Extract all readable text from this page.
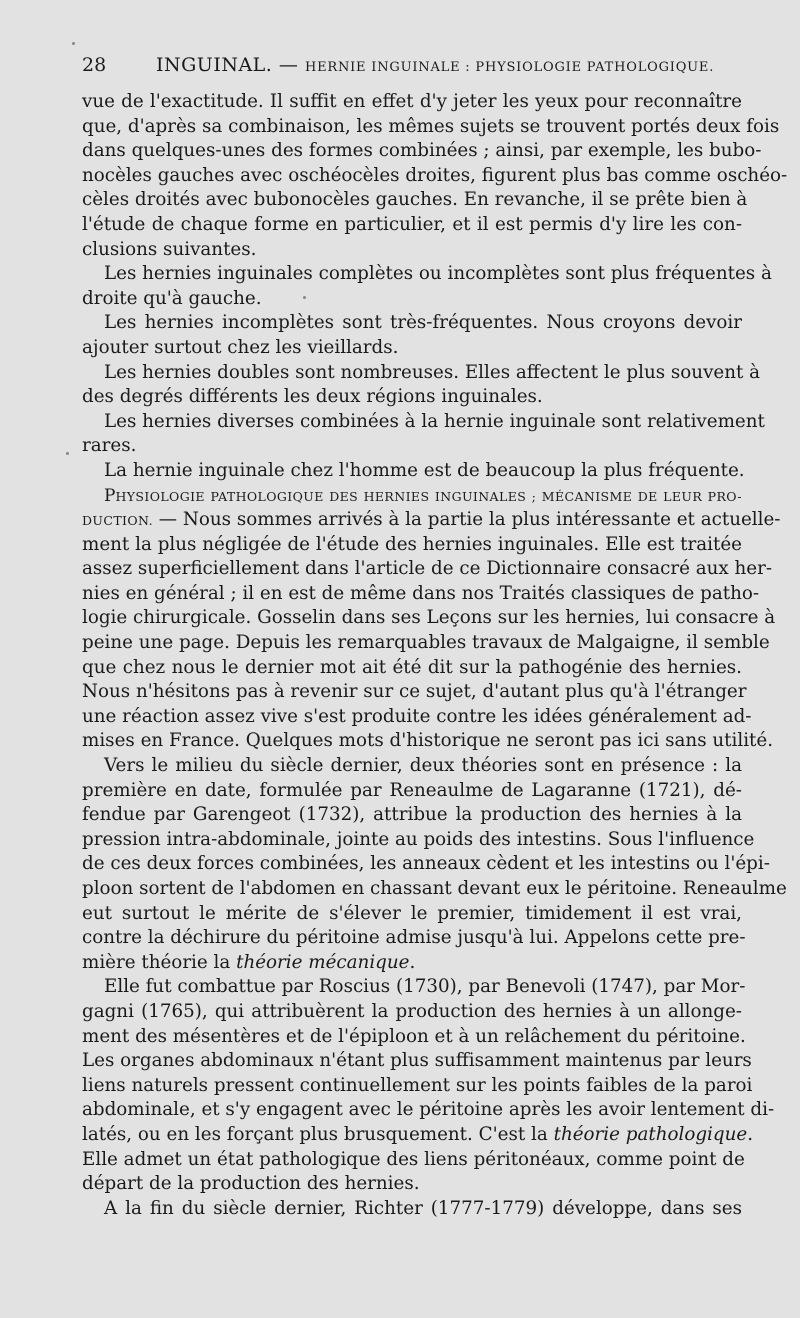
28	INGUINAL. — HERNIE INGUINALE : PHYSIOLOGIE PATHOLOGIQUE.
vue de l'exactitude. Il suffit en effet d'y jeter les yeux pour reconnaître
que, d'après sa combinaison, les mêmes sujets se trouvent portés deux fois
dans quelques-unes des formes combinées ; ainsi, par exemple, les bubo-
nocèles gauches avec oschéocèles droites, figurent plus bas comme oschéo-
cèles droités avec bubonocèles gauches. En revanche, il se prête bien à
l'étude de chaque forme en particulier, et il est permis d'y lire les con-
clusions suivantes.
Les hernies inguinales complètes ou incomplètes sont plus fréquentes à
droite qu'à gauche.
Les hernies incomplètes sont très-fréquentes. Nous croyons devoir
ajouter surtout chez les vieillards.
Les hernies doubles sont nombreuses. Elles affectent le plus souvent à
des degrés différents les deux régions inguinales.
Les hernies diverses combinées à la hernie inguinale sont relativement
rares.
La hernie inguinale chez l'homme est de beaucoup la plus fréquente.
PHYSIOLOGIE PATHOLOGIQUE DES HERNIES INGUINALES ; MÉCANISME DE LEUR PRO-
DUCTION. — Nous sommes arrivés à la partie la plus intéressante et actuelle-
ment la plus négligée de l'étude des hernies inguinales. Elle est traitée
assez superficiellement dans l'article de ce Dictionnaire consacré aux her-
nies en général ; il en est de même dans nos Traités classiques de patho-
logie chirurgicale. Gosselin dans ses Leçons sur les hernies, lui consacre à
peine une page. Depuis les remarquables travaux de Malgaigne, il semble
que chez nous le dernier mot ait été dit sur la pathogénie des hernies.
Nous n'hésitons pas à revenir sur ce sujet, d'autant plus qu'à l'étranger
une réaction assez vive s'est produite contre les idées généralement ad-
mises en France. Quelques mots d'historique ne seront pas ici sans utilité.
Vers le milieu du siècle dernier, deux théories sont en présence : la
première en date, formulée par Reneaulme de Lagaranne (1721), dé-
fendue par Garengeot (1732), attribue la production des hernies à la
pression intra-abdominale, jointe au poids des intestins. Sous l'influence
de ces deux forces combinées, les anneaux cèdent et les intestins ou l'épi-
ploon sortent de l'abdomen en chassant devant eux le péritoine. Reneaulme
eut surtout le mérite de s'élever le premier, timidement il est vrai,
contre la déchirure du péritoine admise jusqu'à lui. Appelons cette pre-
mière théorie la théorie mécanique.
Elle fut combattue par Roscius (1730), par Benevoli (1747), par Mor-
gagni (1765), qui attribuèrent la production des hernies à un allonge-
ment des mésentères et de l'épiploon et à un relâchement du péritoine.
Les organes abdominaux n'étant plus suffisamment maintenus par leurs
liens naturels pressent continuellement sur les points faibles de la paroi
abdominale, et s'y engagent avec le péritoine après les avoir lentement di-
latés, ou en les forçant plus brusquement. C'est la théorie pathologique.
Elle admet un état pathologique des liens péritonéaux, comme point de
départ de la production des hernies.
A la fin du siècle dernier, Richter (1777-1779) développe, dans ses
